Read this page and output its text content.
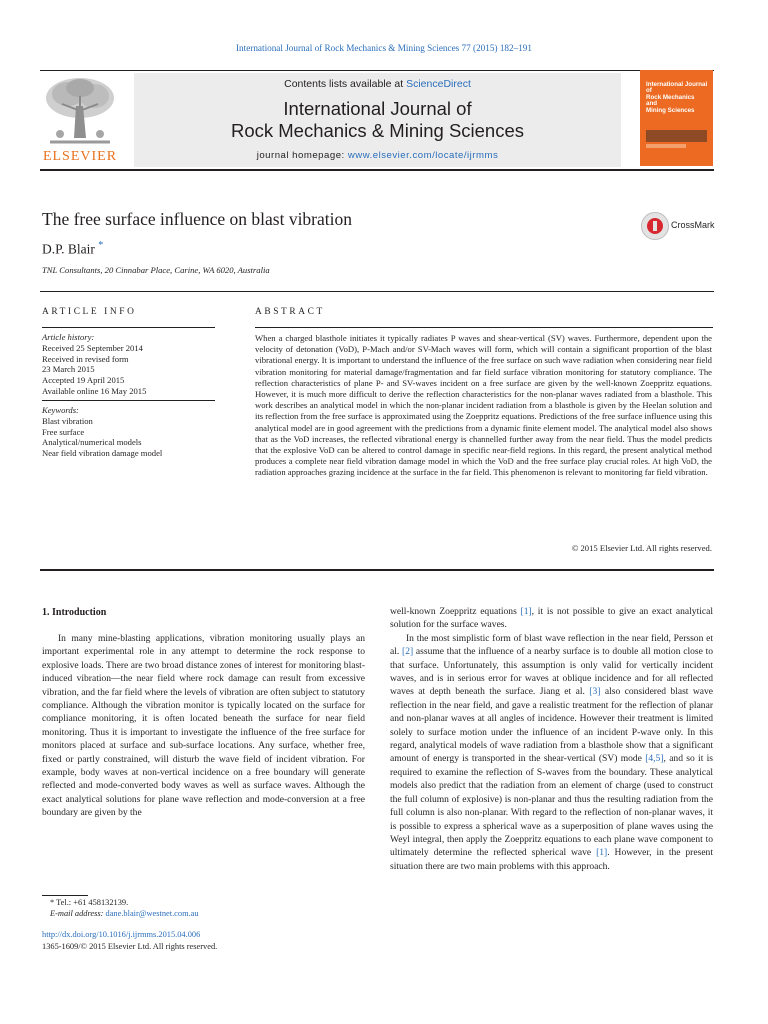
International Journal of Rock Mechanics & Mining Sciences 77 (2015) 182–191
ELSEVIER
Contents lists available at ScienceDirect
International Journal of
Rock Mechanics & Mining Sciences
journal homepage: www.elsevier.com/locate/ijrmms
International Journal of
Rock Mechanics
and
Mining Sciences
The free surface influence on blast vibration	CrossMark
D.P. Blair *
TNL Consultants, 20 Cinnabar Place, Carine, WA 6020, Australia
ARTICLE INFO
Article history:
Received 25 September 2014
Received in revised form
23 March 2015
Accepted 19 April 2015
Available online 16 May 2015
Keywords:
Blast vibration
Free surface
Analytical/numerical models
Near field vibration damage model
ABSTRACT
When a charged blasthole initiates it typically radiates P waves and shear-vertical (SV) waves. Furthermore, dependent upon the velocity of detonation (VoD), P-Mach and/or SV-Mach waves will form, which will contain a significant proportion of the blast vibrational energy. It is important to understand the influence of the free surface on such wave radiation when considering near field vibration monitoring for material damage/fragmentation and far field surface vibration monitoring for statutory compliance. The reflection characteristics of plane P- and SV-waves incident on a free surface are given by the well-known Zoeppritz equations. However, it is much more difficult to derive the reflection characteristics for the non-planar waves radiated from a blasthole. This work describes an analytical model in which the non-planar incident radiation from a blasthole is given by the Heelan solution and its reflection from the free surface is approximated using the Zoeppritz equations. Predictions of the free surface influence using this analytical model are in good agreement with the predictions from a dynamic finite element model. The analytical model also shows that as the VoD increases, the reflected vibrational energy is channelled further away from the near field. Thus the model predicts that the explosive VoD can be altered to control damage in specific near-field regions. In this regard, the present analytical method produces a complete near field vibration damage model in which the VoD and the free surface play crucial roles. At high VoD, the radiation approaches grazing incidence at the surface in the far field. This phenomenon is relevant to monitoring far field vibration.
© 2015 Elsevier Ltd. All rights reserved.
1. Introduction

In many mine-blasting applications, vibration monitoring usually plays an important experimental role in any attempt to determine the rock response to explosive loads. There are two broad distance zones of interest for monitoring blast-induced vibration—the near field where rock damage can result from excessive vibration, and the far field where the levels of vibration are often subject to statutory compliance. Although the vibration monitor is typically located on the surface for compliance monitoring, it is often located beneath the surface for near field monitoring. Thus it is important to investigate the influence of the free surface for monitors placed at surface and sub-surface locations. Any surface, whether free, fixed or partly constrained, will disturb the wave field of incident vibration. For example, body waves at non-vertical incidence on a free boundary will generate reflected and mode-converted body waves as well as surface waves. Although the exact analytical solutions for plane wave reflection and mode-conversion at a free boundary are given by the

well-known Zoeppritz equations [1], it is not possible to give an exact analytical solution for the surface waves.

In the most simplistic form of blast wave reflection in the near field, Persson et al. [2] assume that the influence of a nearby surface is to double all motion close to that surface. Unfortunately, this assumption is only valid for vertically incident waves, and is in serious error for waves at oblique incidence and for all reflected waves at depth beneath the surface. Jiang et al. [3] also considered blast wave reflection in the near field, and gave a realistic treatment for the reflection of planar and non-planar waves at all angles of incidence. However their treatment is limited solely to surface motion under the influence of an incident P-wave only. In this regard, analytical models of wave radiation from a blasthole show that a significant amount of energy is transported in the shear-vertical (SV) mode [4,5], and so it is required to examine the reflection of S-waves from the boundary. These analytical models also predict that the radiation from an element of charge (used to construct the full column of explosive) is non-planar and thus the resulting radiation from the full column is also non-planar. With regard to the reflection of non-planar waves, it is possible to express a spherical wave as a superposition of plane waves using the Weyl integral, then apply the Zoeppritz equations to each plane wave component to ultimately determine the reflected spherical wave [1]. However, in the present situation there are two main problems with this approach.

* Tel.: +61 458132139.
E-mail address: dane.blair@westnet.com.au
http://dx.doi.org/10.1016/j.ijrmms.2015.04.006
1365-1609/© 2015 Elsevier Ltd. All rights reserved.
